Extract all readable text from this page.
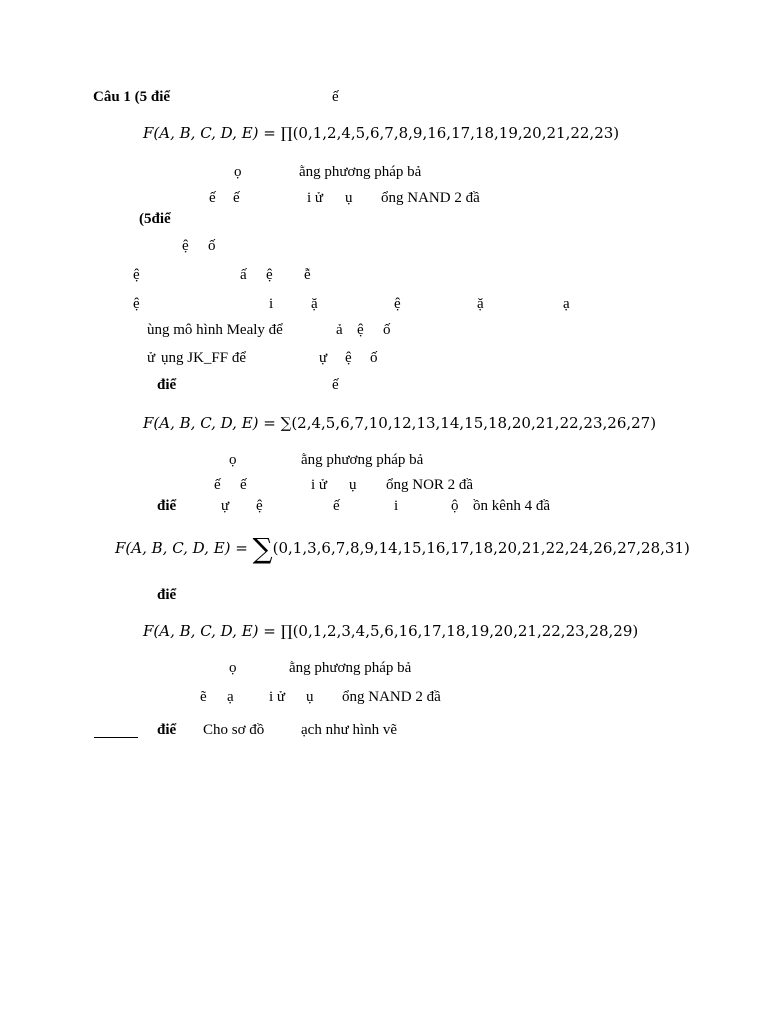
Câu 1 (5 điể	ế
F(A, B, C, D, E) = ∏(0,1,2,4,5,6,7,8,9,16,17,18,19,20,21,22,23)
ọ	ằng phương pháp bả
ế ế	i ử ụ ổng NAND 2 đầ
(5điể
ệ ố
ệ	ấ ệ ễ
ệ	i	ặ	ệ	ặ	ạ
ùng mô hình Mealy để	ả ệ ố
ử ụng JK_FF để	ự ệ ố
điể	ế
F(A, B, C, D, E) = ∑(2,4,5,6,7,10,12,13,14,15,18,20,21,22,23,26,27)
ọ	ằng phương pháp bả
ế ế	i ử ụ ổng NOR 2 đầ
điể	ự ệ	ế	i	ộ ồn kênh 4 đầ
F(A, B, C, D, E) = ∑(0,1,3,6,7,8,9,14,15,16,17,18,20,21,22,24,26,27,28,31)
điể
F(A, B, C, D, E) = ∏(0,1,2,3,4,5,6,16,17,18,19,20,21,22,23,28,29)
ọ	ằng phương pháp bả
ẽ ạ i ử ụ ổng NAND 2 đầ
điể Cho sơ đồ ạch như hình vẽ
